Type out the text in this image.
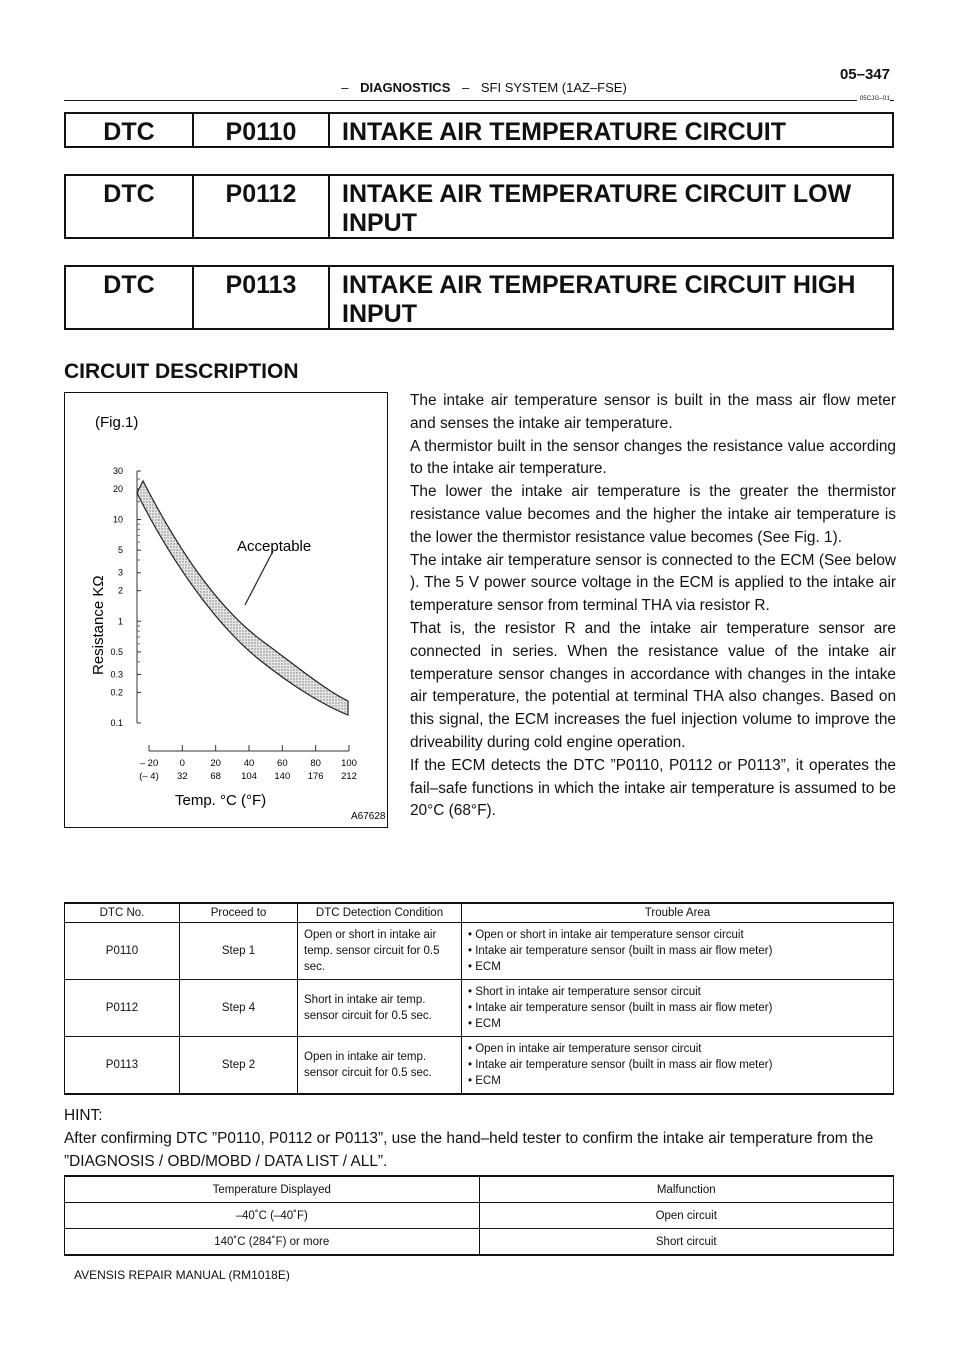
05–347
– DIAGNOSTICS – SFI SYSTEM (1AZ–FSE)
05CJG–01
DTC	P0110	INTAKE AIR TEMPERATURE CIRCUIT
DTC	P0112	INTAKE AIR TEMPERATURE CIRCUIT LOW INPUT
DTC	P0113	INTAKE AIR TEMPERATURE CIRCUIT HIGH INPUT
CIRCUIT DESCRIPTION
(Fig.1)
30
20
10
5
3
2
1
0.5
0.3
0.2
0.1
– 20
(– 4)
0
32
20
68
40
104
60
140
80
176
100
212
Acceptable
Resistance KΩ
Temp. °C (°F)
A67628

The intake air temperature sensor is built in the mass air flow meter and senses the intake air temperature.

A thermistor built in the sensor changes the resistance value according to the intake air temperature.

The lower the intake air temperature is the greater the thermistor resistance value becomes and the higher the intake air temperature is the lower the thermistor resistance value becomes (See Fig. 1).

The intake air temperature sensor is connected to the ECM (See below ). The 5 V power source voltage in the ECM is applied to the intake air temperature sensor from terminal THA via resistor R.

That is, the resistor R and the intake air temperature sensor are connected in series. When the resistance value of the intake air temperature sensor changes in accordance with changes in the intake air temperature, the potential at terminal THA also changes. Based on this signal, the ECM increases the fuel injection volume to improve the driveability during cold engine operation.

If the ECM detects the DTC ”P0110, P0112 or P0113”, it operates the fail–safe functions in which the intake air temperature is assumed to be 20°C (68°F).

DTC No.	Proceed to	DTC Detection Condition	Trouble Area
P0110	Step 1	Open or short in intake air temp. sensor circuit for 0.5 sec.	• Open or short in intake air temperature sensor circuit
• Intake air temperature sensor (built in mass air flow meter)
• ECM

P0112	Step 4	Short in intake air temp. sensor circuit for 0.5 sec.	• Short in intake air temperature sensor circuit
• Intake air temperature sensor (built in mass air flow meter)
• ECM

P0113	Step 2	Open in intake air temp. sensor circuit for 0.5 sec.	• Open in intake air temperature sensor circuit
• Intake air temperature sensor (built in mass air flow meter)
• ECM

HINT:

After confirming DTC ”P0110, P0112 or P0113”, use the hand–held tester to confirm the intake air temperature from the ”DIAGNOSIS / OBD/MOBD / DATA LIST / ALL”.

Temperature Displayed	Malfunction
–40˚C (–40˚F)	Open circuit
140˚C (284˚F) or more	Short circuit
AVENSIS REPAIR MANUAL (RM1018E)
